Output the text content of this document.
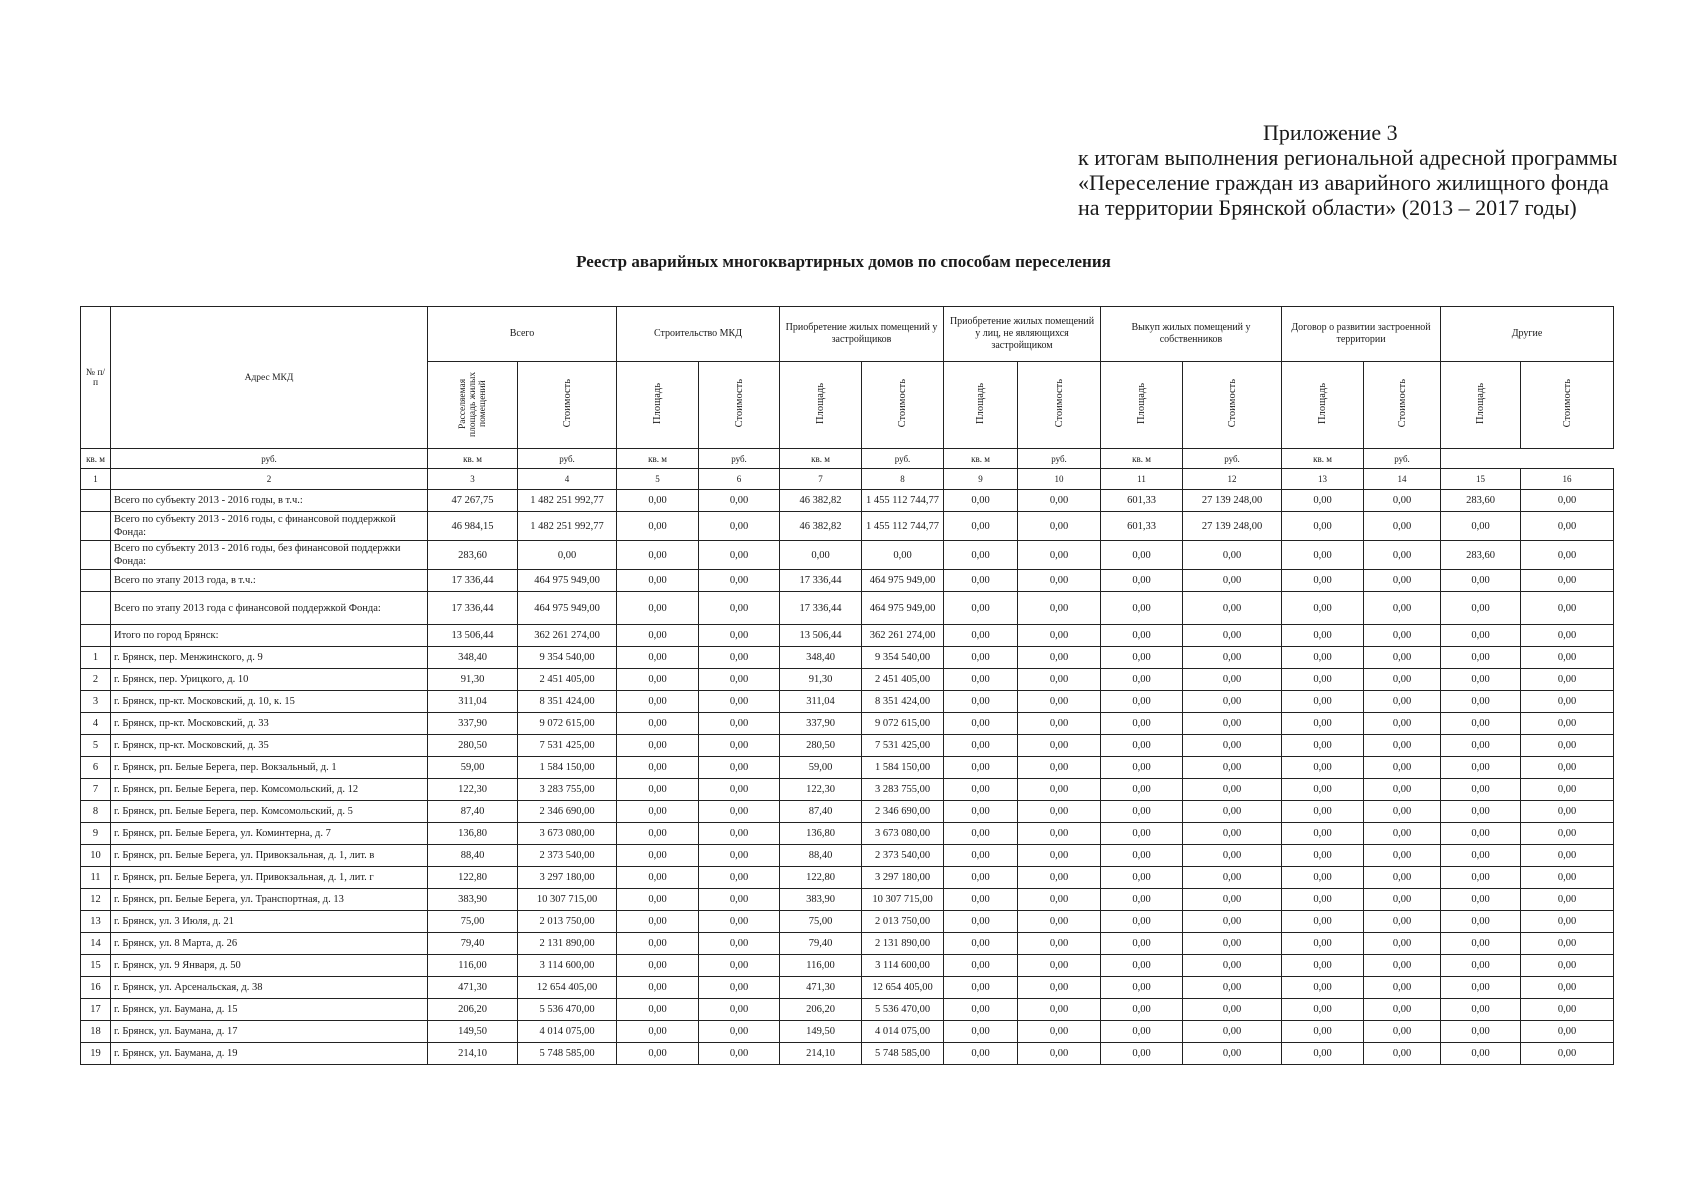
Приложение 3
к итогам выполнения региональной адресной программы
«Переселение граждан из аварийного жилищного фонда
на территории Брянской области» (2013 – 2017 годы)
Реестр аварийных многоквартирных домов по способам переселения
№ п/п	Адрес МКД	Всего		Строительство МКД		Приобретение жилых помещений у застройщиков		Приобретение жилых помещений у лиц, не являющихся застройщиком		Выкуп жилых помещений у собственников		Договор о развитии застроенной территории		Другие	
		Расселяемая площадь жилых помещений	Стоимость	Площадь	Стоимость	Площадь	Стоимость	Площадь	Стоимость	Площадь	Стоимость	Площадь	Стоимость	Площадь	Стоимость
кв. м	руб.	кв. м	руб.	кв. м	руб.	кв. м	руб.	кв. м	руб.	кв. м	руб.	кв. м	руб.		
1	2	3	4	5	6	7	8	9	10	11	12	13	14	15	16
	Всего по субъекту 2013 - 2016 годы, в т.ч.:	47 267,75	1 482 251 992,77	0,00	0,00	46 382,82	1 455 112 744,77	0,00	0,00	601,33	27 139 248,00	0,00	0,00	283,60	0,00
	Всего по субъекту 2013 - 2016 годы, с финансовой поддержкой Фонда:	46 984,15	1 482 251 992,77	0,00	0,00	46 382,82	1 455 112 744,77	0,00	0,00	601,33	27 139 248,00	0,00	0,00	0,00	0,00
	Всего по субъекту 2013 - 2016 годы, без финансовой поддержки Фонда:	283,60	0,00	0,00	0,00	0,00	0,00	0,00	0,00	0,00	0,00	0,00	0,00	283,60	0,00
	Всего по этапу 2013 года, в т.ч.:	17 336,44	464 975 949,00	0,00	0,00	17 336,44	464 975 949,00	0,00	0,00	0,00	0,00	0,00	0,00	0,00	0,00
	Всего по этапу 2013 года с финансовой поддержкой Фонда:	17 336,44	464 975 949,00	0,00	0,00	17 336,44	464 975 949,00	0,00	0,00	0,00	0,00	0,00	0,00	0,00	0,00
	Итого по город Брянск:	13 506,44	362 261 274,00	0,00	0,00	13 506,44	362 261 274,00	0,00	0,00	0,00	0,00	0,00	0,00	0,00	0,00
1	г. Брянск, пер. Менжинского, д. 9	348,40	9 354 540,00	0,00	0,00	348,40	9 354 540,00	0,00	0,00	0,00	0,00	0,00	0,00	0,00	0,00
2	г. Брянск, пер. Урицкого, д. 10	91,30	2 451 405,00	0,00	0,00	91,30	2 451 405,00	0,00	0,00	0,00	0,00	0,00	0,00	0,00	0,00
3	г. Брянск, пр-кт. Московский, д. 10, к. 15	311,04	8 351 424,00	0,00	0,00	311,04	8 351 424,00	0,00	0,00	0,00	0,00	0,00	0,00	0,00	0,00
4	г. Брянск, пр-кт. Московский, д. 33	337,90	9 072 615,00	0,00	0,00	337,90	9 072 615,00	0,00	0,00	0,00	0,00	0,00	0,00	0,00	0,00
5	г. Брянск, пр-кт. Московский, д. 35	280,50	7 531 425,00	0,00	0,00	280,50	7 531 425,00	0,00	0,00	0,00	0,00	0,00	0,00	0,00	0,00
6	г. Брянск, рп. Белые Берега, пер. Вокзальный, д. 1	59,00	1 584 150,00	0,00	0,00	59,00	1 584 150,00	0,00	0,00	0,00	0,00	0,00	0,00	0,00	0,00
7	г. Брянск, рп. Белые Берега, пер. Комсомольский, д. 12	122,30	3 283 755,00	0,00	0,00	122,30	3 283 755,00	0,00	0,00	0,00	0,00	0,00	0,00	0,00	0,00
8	г. Брянск, рп. Белые Берега, пер. Комсомольский, д. 5	87,40	2 346 690,00	0,00	0,00	87,40	2 346 690,00	0,00	0,00	0,00	0,00	0,00	0,00	0,00	0,00
9	г. Брянск, рп. Белые Берега, ул. Коминтерна, д. 7	136,80	3 673 080,00	0,00	0,00	136,80	3 673 080,00	0,00	0,00	0,00	0,00	0,00	0,00	0,00	0,00
10	г. Брянск, рп. Белые Берега, ул. Привокзальная, д. 1, лит. в	88,40	2 373 540,00	0,00	0,00	88,40	2 373 540,00	0,00	0,00	0,00	0,00	0,00	0,00	0,00	0,00
11	г. Брянск, рп. Белые Берега, ул. Привокзальная, д. 1, лит. г	122,80	3 297 180,00	0,00	0,00	122,80	3 297 180,00	0,00	0,00	0,00	0,00	0,00	0,00	0,00	0,00
12	г. Брянск, рп. Белые Берега, ул. Транспортная, д. 13	383,90	10 307 715,00	0,00	0,00	383,90	10 307 715,00	0,00	0,00	0,00	0,00	0,00	0,00	0,00	0,00
13	г. Брянск, ул. 3 Июля, д. 21	75,00	2 013 750,00	0,00	0,00	75,00	2 013 750,00	0,00	0,00	0,00	0,00	0,00	0,00	0,00	0,00
14	г. Брянск, ул. 8 Марта, д. 26	79,40	2 131 890,00	0,00	0,00	79,40	2 131 890,00	0,00	0,00	0,00	0,00	0,00	0,00	0,00	0,00
15	г. Брянск, ул. 9 Января, д. 50	116,00	3 114 600,00	0,00	0,00	116,00	3 114 600,00	0,00	0,00	0,00	0,00	0,00	0,00	0,00	0,00
16	г. Брянск, ул. Арсенальская, д. 38	471,30	12 654 405,00	0,00	0,00	471,30	12 654 405,00	0,00	0,00	0,00	0,00	0,00	0,00	0,00	0,00
17	г. Брянск, ул. Баумана, д. 15	206,20	5 536 470,00	0,00	0,00	206,20	5 536 470,00	0,00	0,00	0,00	0,00	0,00	0,00	0,00	0,00
18	г. Брянск, ул. Баумана, д. 17	149,50	4 014 075,00	0,00	0,00	149,50	4 014 075,00	0,00	0,00	0,00	0,00	0,00	0,00	0,00	0,00
19	г. Брянск, ул. Баумана, д. 19	214,10	5 748 585,00	0,00	0,00	214,10	5 748 585,00	0,00	0,00	0,00	0,00	0,00	0,00	0,00	0,00
